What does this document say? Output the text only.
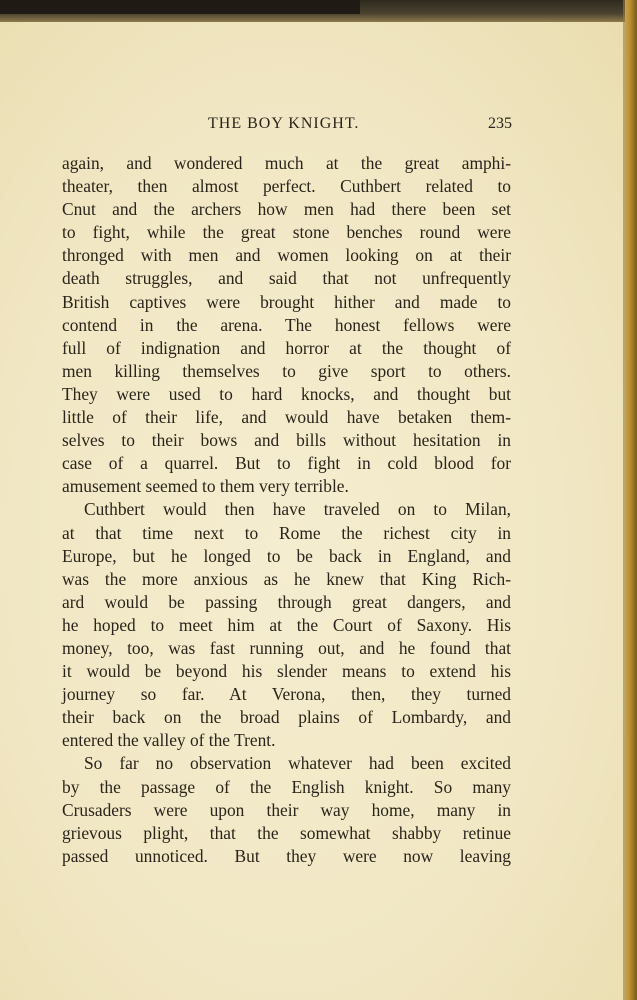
THE BOY KNIGHT.	235
again, and wondered much at the great amphi-
theater, then almost perfect. Cuthbert related to
Cnut and the archers how men had there been set
to fight, while the great stone benches round were
thronged with men and women looking on at their
death struggles, and said that not unfrequently
British captives were brought hither and made to
contend in the arena. The honest fellows were
full of indignation and horror at the thought of
men killing themselves to give sport to others.
They were used to hard knocks, and thought but
little of their life, and would have betaken them-
selves to their bows and bills without hesitation in
case of a quarrel. But to fight in cold blood for
amusement seemed to them very terrible.
Cuthbert would then have traveled on to Milan,
at that time next to Rome the richest city in
Europe, but he longed to be back in England, and
was the more anxious as he knew that King Rich-
ard would be passing through great dangers, and
he hoped to meet him at the Court of Saxony. His
money, too, was fast running out, and he found that
it would be beyond his slender means to extend his
journey so far. At Verona, then, they turned
their back on the broad plains of Lombardy, and
entered the valley of the Trent.
So far no observation whatever had been excited
by the passage of the English knight. So many
Crusaders were upon their way home, many in
grievous plight, that the somewhat shabby retinue
passed unnoticed. But they were now leaving
